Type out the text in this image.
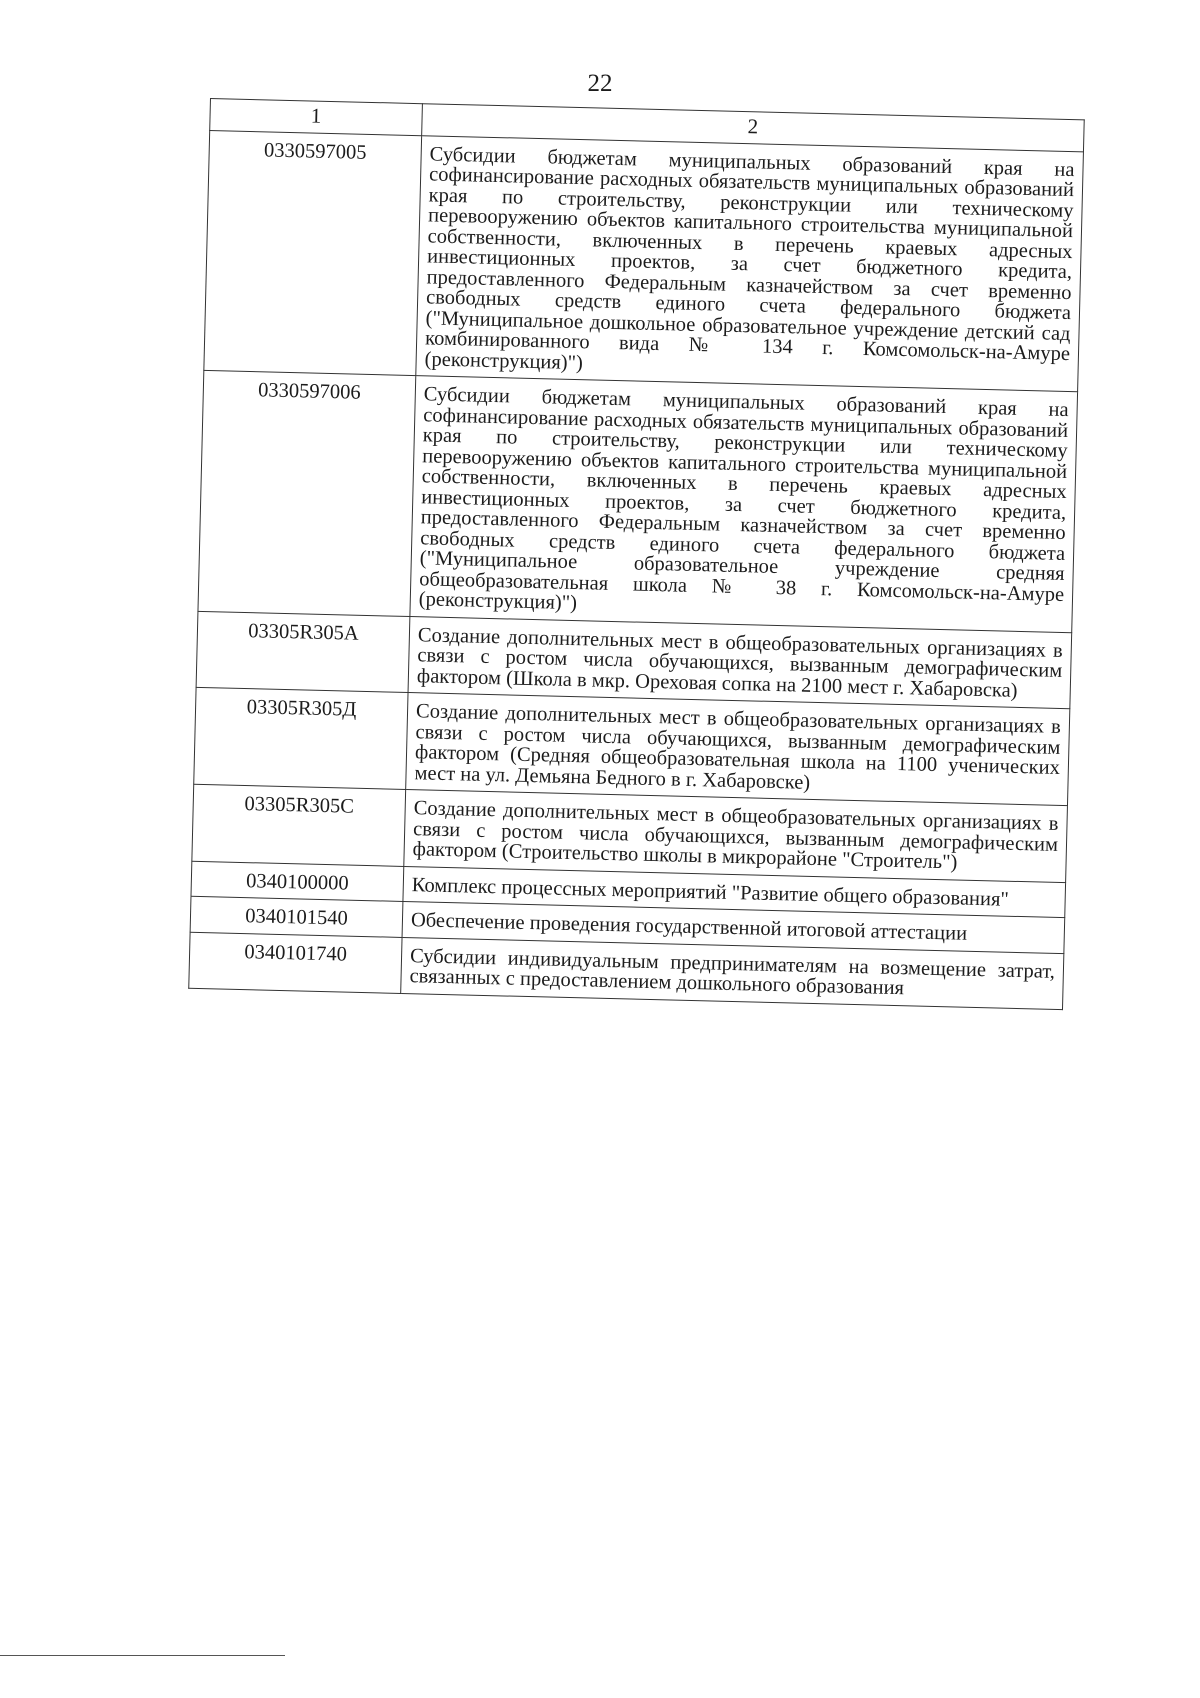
22
1	2
0330597005	Субсидии бюджетам муниципальных образований края на софинансирование расходных обязательств муниципальных образований края по строительству, реконструкции или техническому перевооружению объектов капитального строительства муниципальной собственности, включенных в перечень краевых адресных инвестиционных проектов, за счет бюджетного кредита, предоставленного Федеральным казначейством за счет временно свободных средств единого счета федерального бюджета ("Муниципальное дошкольное образовательное учреждение детский сад комбинированного вида № 134 г. Комсомольск-на-Амуре (реконструкция)")
0330597006	Субсидии бюджетам муниципальных образований края на софинансирование расходных обязательств муниципальных образований края по строительству, реконструкции или техническому перевооружению объектов капитального строительства муниципальной собственности, включенных в перечень краевых адресных инвестиционных проектов, за счет бюджетного кредита, предоставленного Федеральным казначейством за счет временно свободных средств единого счета федерального бюджета ("Муниципальное образовательное учреждение средняя общеобразовательная школа № 38 г. Комсомольск-на-Амуре (реконструкция)")
03305R305А	Создание дополнительных мест в общеобразовательных организациях в связи с ростом числа обучающихся, вызванным демографическим фактором (Школа в мкр. Ореховая сопка на 2100 мест г. Хабаровска)
03305R305Д	Создание дополнительных мест в общеобразовательных организациях в связи с ростом числа обучающихся, вызванным демографическим фактором (Средняя общеобразовательная школа на 1100 ученических мест на ул. Демьяна Бедного в г. Хабаровске)
03305R305С	Создание дополнительных мест в общеобразовательных организациях в связи с ростом числа обучающихся, вызванным демографическим фактором (Строительство школы в микрорайоне "Строитель")
0340100000	Комплекс процессных мероприятий "Развитие общего образования"
0340101540	Обеспечение проведения государственной итоговой аттестации
0340101740	Субсидии индивидуальным предпринимателям на возмещение затрат, связанных с предоставлением дошкольного образования
